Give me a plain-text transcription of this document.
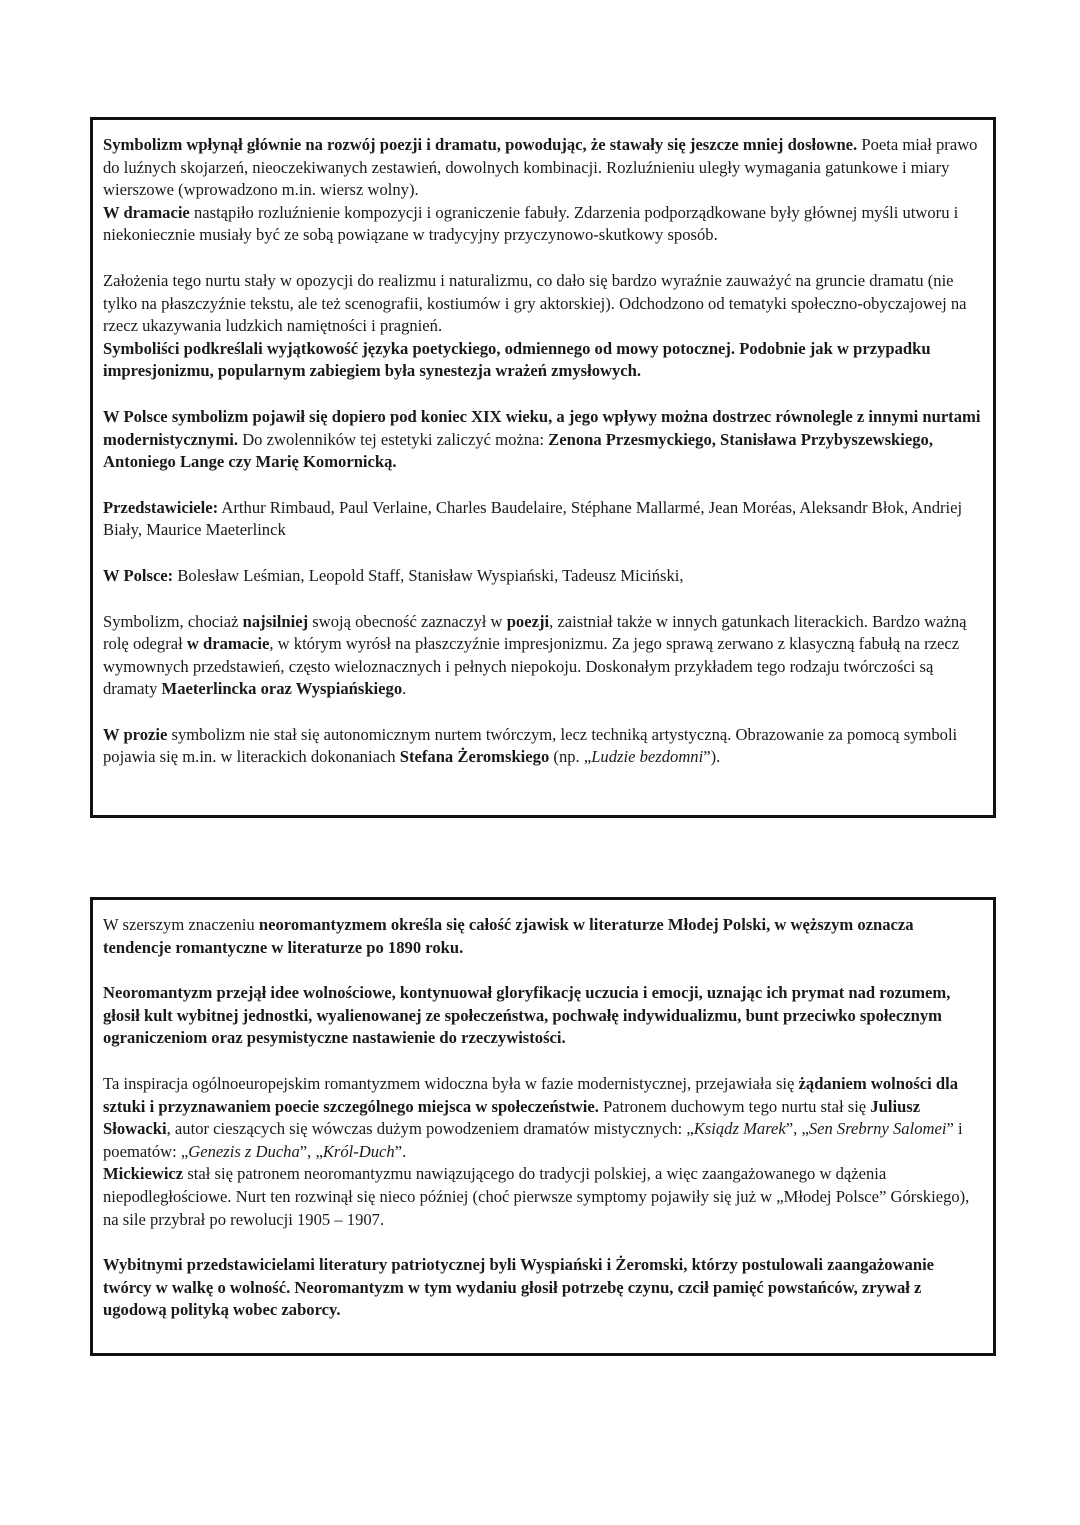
Symbolizm wpłynął głównie na rozwój poezji i dramatu, powodując, że stawały się jeszcze mniej dosłowne. Poeta miał prawo do luźnych skojarzeń, nieoczekiwanych zestawień, dowolnych kombinacji. Rozluźnieniu uległy wymagania gatunkowe i miary wierszowe (wprowadzono m.in. wiersz wolny).
W dramacie nastąpiło rozluźnienie kompozycji i ograniczenie fabuły. Zdarzenia podporządkowane były głównej myśli utworu i niekoniecznie musiały być ze sobą powiązane w tradycyjny przyczynowo-skutkowy sposób.

Założenia tego nurtu stały w opozycji do realizmu i naturalizmu, co dało się bardzo wyraźnie zauważyć na gruncie dramatu (nie tylko na płaszczyźnie tekstu, ale też scenografii, kostiumów i gry aktorskiej). Odchodzono od tematyki społeczno-obyczajowej na rzecz ukazywania ludzkich namiętności i pragnień.
Symboliści podkreślali wyjątkowość języka poetyckiego, odmiennego od mowy potocznej. Podobnie jak w przypadku impresjonizmu, popularnym zabiegiem była synestezja wrażeń zmysłowych.

W Polsce symbolizm pojawił się dopiero pod koniec XIX wieku, a jego wpływy można dostrzec równolegle z innymi nurtami modernistycznymi. Do zwolenników tej estetyki zaliczyć można: Zenona Przesmyckiego, Stanisława Przybyszewskiego, Antoniego Lange czy Marię Komornicką.

Przedstawiciele: Arthur Rimbaud, Paul Verlaine, Charles Baudelaire, Stéphane Mallarmé, Jean Moréas, Aleksandr Błok, Andriej Biały, Maurice Maeterlinck

W Polsce: Bolesław Leśmian, Leopold Staff, Stanisław Wyspiański, Tadeusz Miciński,

Symbolizm, chociaż najsilniej swoją obecność zaznaczył w poezji, zaistniał także w innych gatunkach literackich. Bardzo ważną rolę odegrał w dramacie, w którym wyrósł na płaszczyźnie impresjonizmu. Za jego sprawą zerwano z klasyczną fabułą na rzecz wymownych przedstawień, często wieloznacznych i pełnych niepokoju. Doskonałym przykładem tego rodzaju twórczości są dramaty Maeterlincka oraz Wyspiańskiego.

W prozie symbolizm nie stał się autonomicznym nurtem twórczym, lecz techniką artystyczną. Obrazowanie za pomocą symboli pojawia się m.in. w literackich dokonaniach Stefana Żeromskiego (np. „Ludzie bezdomni”).

W szerszym znaczeniu neoromantyzmem określa się całość zjawisk w literaturze Młodej Polski, w węższym oznacza tendencje romantyczne w literaturze po 1890 roku.

Neoromantyzm przejął idee wolnościowe, kontynuował gloryfikację uczucia i emocji, uznając ich prymat nad rozumem, głosił kult wybitnej jednostki, wyalienowanej ze społeczeństwa, pochwałę indywidualizmu, bunt przeciwko społecznym ograniczeniom oraz pesymistyczne nastawienie do rzeczywistości.

Ta inspiracja ogólnoeuropejskim romantyzmem widoczna była w fazie modernistycznej, przejawiała się żądaniem wolności dla sztuki i przyznawaniem poecie szczególnego miejsca w społeczeństwie. Patronem duchowym tego nurtu stał się Juliusz Słowacki, autor cieszących się wówczas dużym powodzeniem dramatów mistycznych: „Ksiądz Marek”, „Sen Srebrny Salomei” i poematów: „Genezis z Ducha”, „Król-Duch”.
Mickiewicz stał się patronem neoromantyzmu nawiązującego do tradycji polskiej, a więc zaangażowanego w dążenia niepodległościowe. Nurt ten rozwinął się nieco później (choć pierwsze symptomy pojawiły się już w „Młodej Polsce” Górskiego), na sile przybrał po rewolucji 1905 – 1907.

Wybitnymi przedstawicielami literatury patriotycznej byli Wyspiański i Żeromski, którzy postulowali zaangażowanie twórcy w walkę o wolność. Neoromantyzm w tym wydaniu głosił potrzebę czynu, czcił pamięć powstańców, zrywał z ugodową polityką wobec zaborcy.
